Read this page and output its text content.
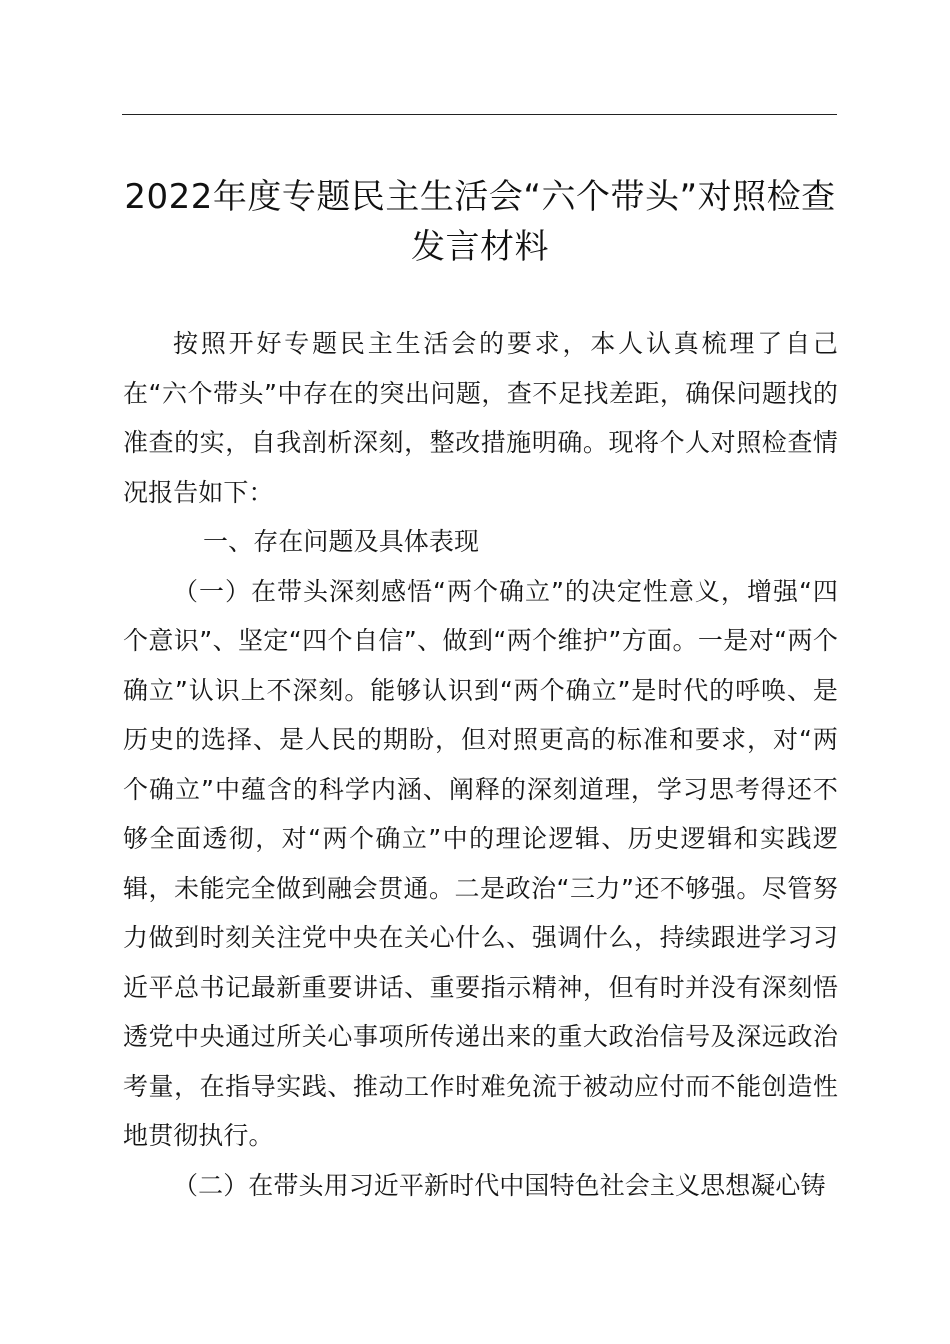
2022年度专题民主生活会“六个带头”对照检查
发言材料

按照开好专题民主生活会的要求，本人认真梳理了自己在“六个带头”中存在的突出问题，查不足找差距，确保问题找的准查的实，自我剖析深刻，整改措施明确。现将个人对照检查情况报告如下：

一、存在问题及具体表现

（一）在带头深刻感悟“两个确立”的决定性意义，增强“四个意识”、坚定“四个自信”、做到“两个维护”方面。一是对“两个确立”认识上不深刻。能够认识到“两个确立”是时代的呼唤、是历史的选择、是人民的期盼，但对照更高的标准和要求，对“两个确立”中蕴含的科学内涵、阐释的深刻道理，学习思考得还不够全面透彻，对“两个确立”中的理论逻辑、历史逻辑和实践逻辑，未能完全做到融会贯通。二是政治“三力”还不够强。尽管努力做到时刻关注党中央在关心什么、强调什么，持续跟进学习习近平总书记最新重要讲话、重要指示精神，但有时并没有深刻悟透党中央通过所关心事项所传递出来的重大政治信号及深远政治考量，在指导实践、推动工作时难免流于被动应付而不能创造性地贯彻执行。

（二）在带头用习近平新时代中国特色社会主义思想凝心铸
